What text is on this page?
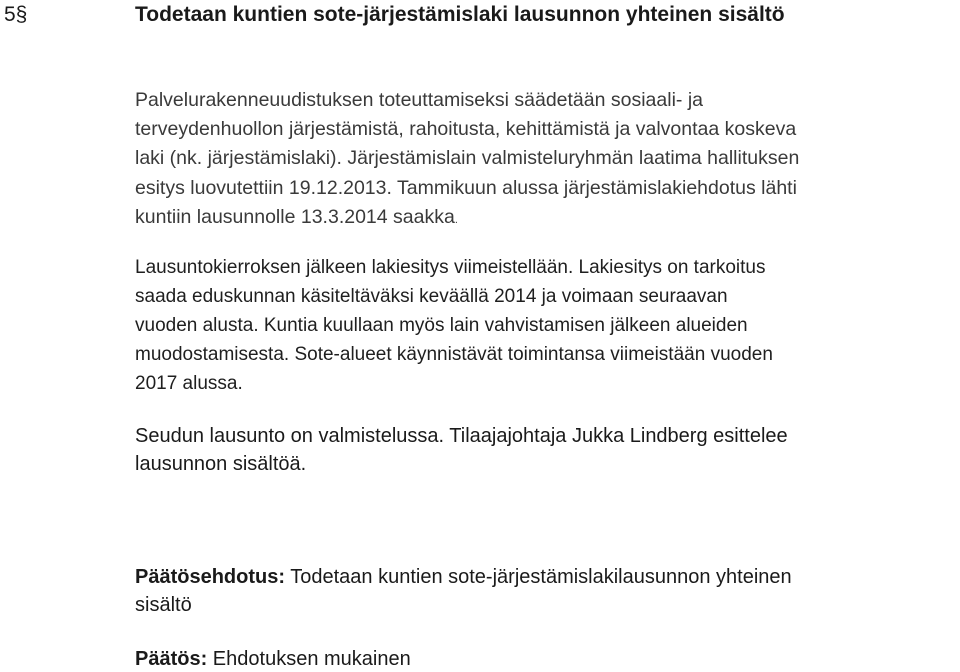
5§	Todetaan kuntien sote-järjestämislaki lausunnon yhteinen sisältö

Palvelurakenneuudistuksen toteuttamiseksi säädetään sosiaali- ja
terveydenhuollon järjestämistä, rahoitusta, kehittämistä ja valvontaa koskeva
laki (nk. järjestämislaki). Järjestämislain valmisteluryhmän laatima hallituksen
esitys luovutettiin 19.12.2013. Tammikuun alussa järjestämislakiehdotus lähti
kuntiin lausunnolle 13.3.2014 saakka.

Lausuntokierroksen jälkeen lakiesitys viimeistellään. Lakiesitys on tarkoitus
saada eduskunnan käsiteltäväksi keväällä 2014 ja voimaan seuraavan
vuoden alusta. Kuntia kuullaan myös lain vahvistamisen jälkeen alueiden
muodostamisesta. Sote-alueet käynnistävät toimintansa viimeistään vuoden
2017 alussa.

Seudun lausunto on valmistelussa. Tilaajajohtaja Jukka Lindberg esittelee
lausunnon sisältöä.

Päätösehdotus: Todetaan kuntien sote-järjestämislakilausunnon yhteinen
sisältö

Päätös: Ehdotuksen mukainen
